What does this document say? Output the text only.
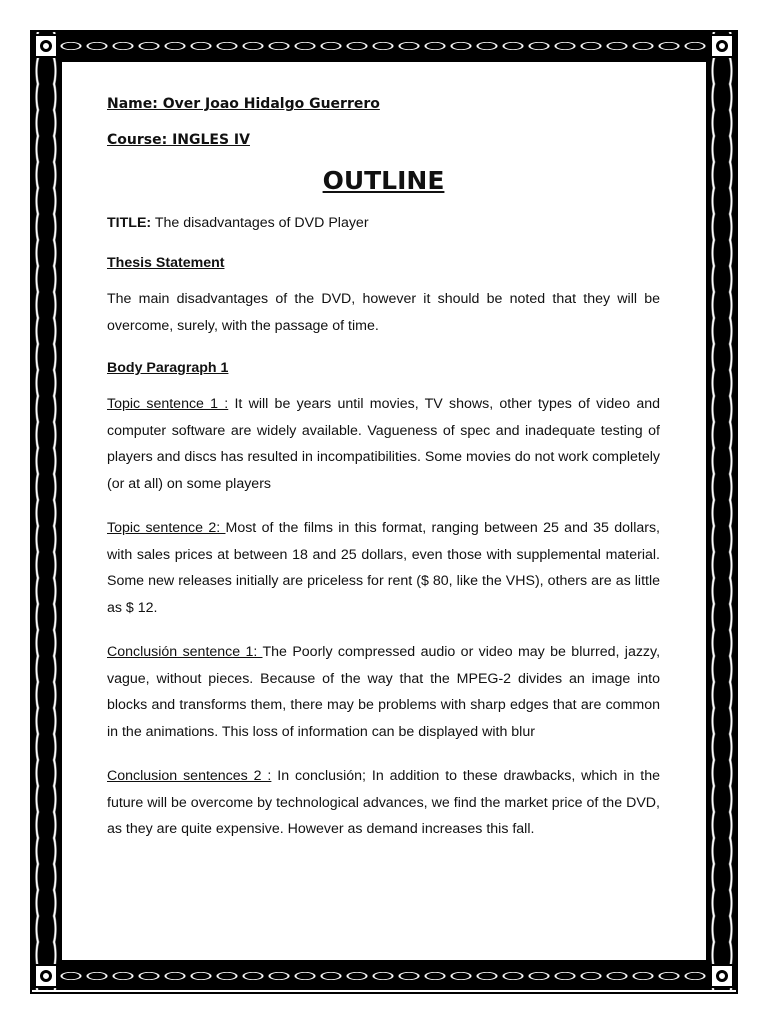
Name: Over Joao Hidalgo Guerrero
Course: INGLES IV
OUTLINE
TITLE: The disadvantages of DVD Player
Thesis Statement

The main disadvantages of the DVD, however it should be noted that they will be overcome, surely, with the passage of time.

Body Paragraph 1

Topic sentence 1 : It will be years until movies, TV shows, other types of video and computer software are widely available. Vagueness of spec and inadequate testing of players and discs has resulted in incompatibilities. Some movies do not work completely (or at all) on some players

Topic sentence 2: Most of the films in this format, ranging between 25 and 35 dollars, with sales prices at between 18 and 25 dollars, even those with supplemental material. Some new releases initially are priceless for rent ($ 80, like the VHS), others are as little as $ 12.

Conclusión sentence 1: The Poorly compressed audio or video may be blurred, jazzy, vague, without pieces. Because of the way that the MPEG-2 divides an image into blocks and transforms them, there may be problems with sharp edges that are common in the animations. This loss of information can be displayed with blur

Conclusion sentences 2 : In conclusión; In addition to these drawbacks, which in the future will be overcome by technological advances, we find the market price of the DVD, as they are quite expensive. However as demand increases this fall.
